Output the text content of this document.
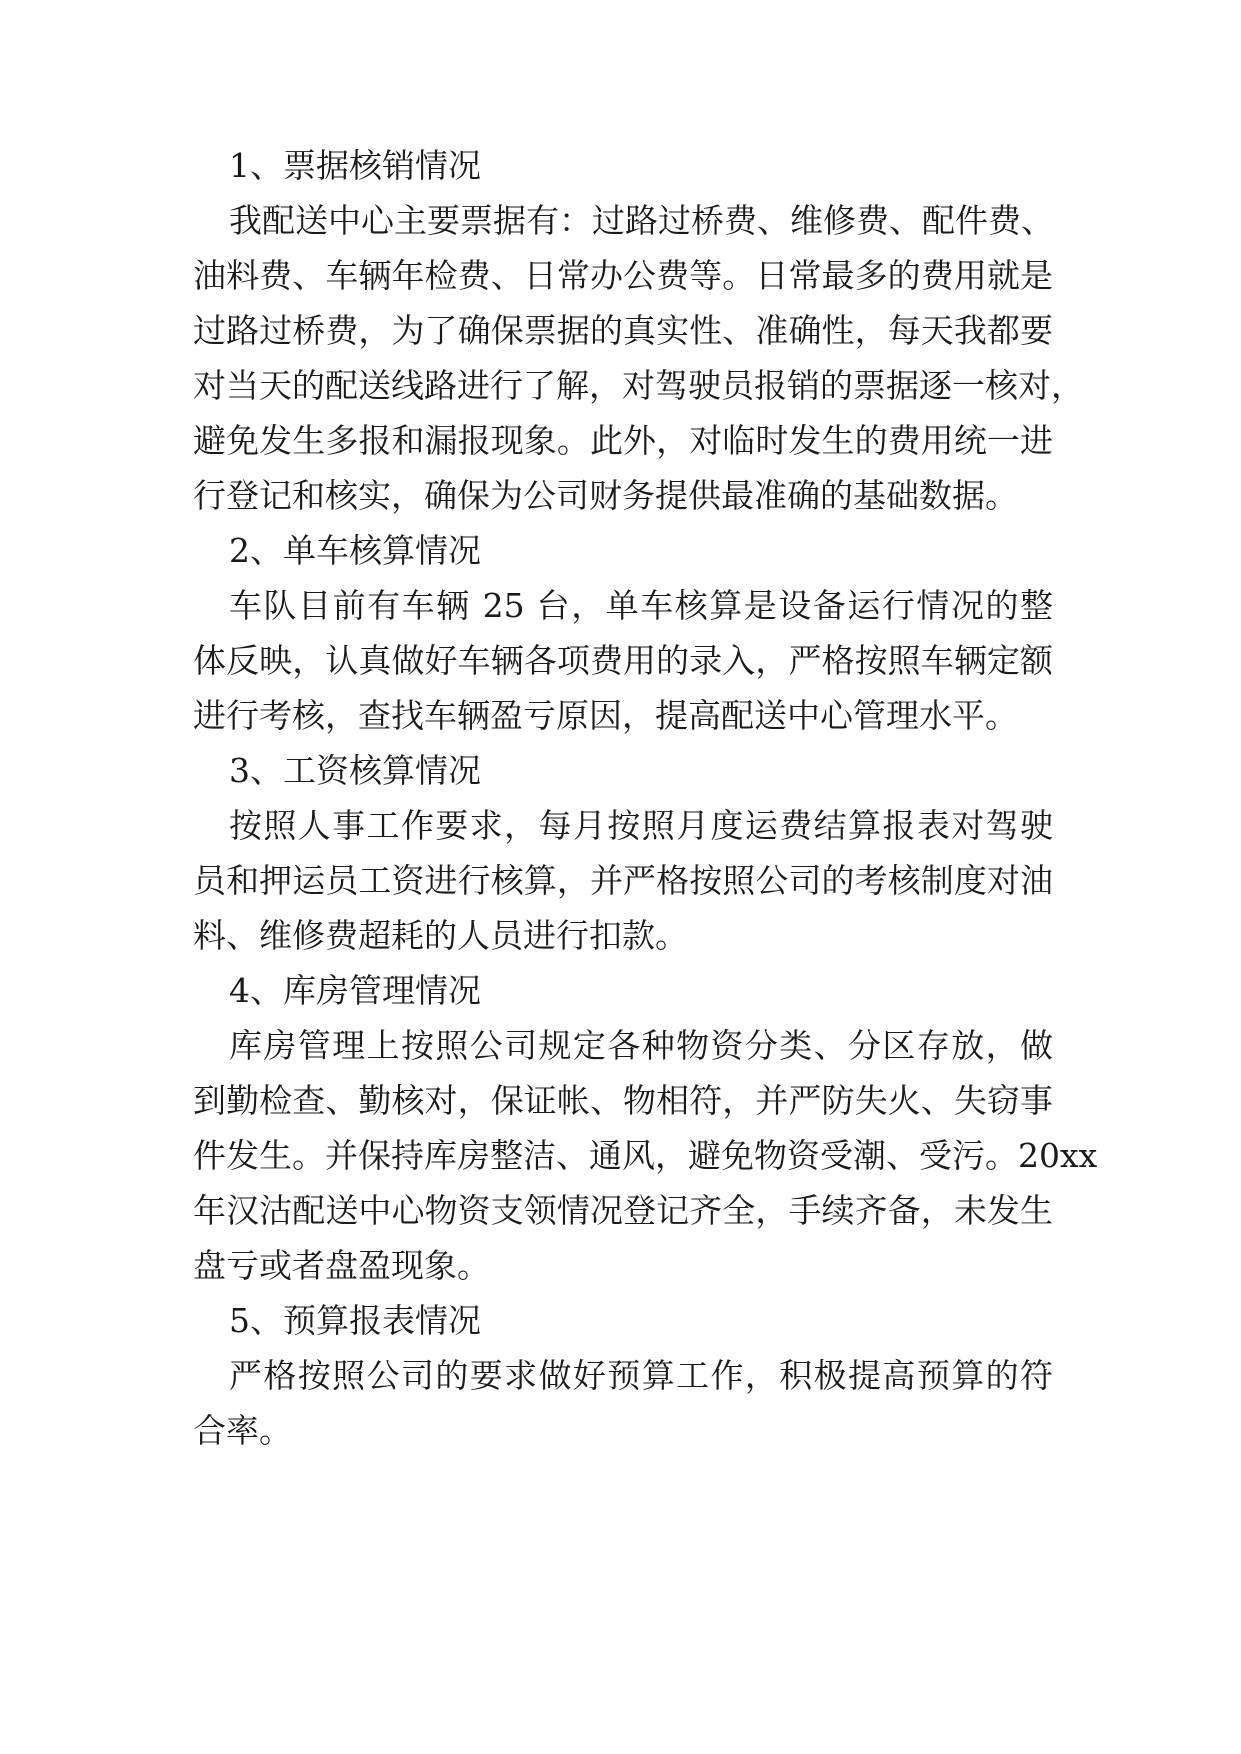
1、票据核销情况
我配送中心主要票据有：过路过桥费、维修费、配件费、
油料费、车辆年检费、日常办公费等。日常最多的费用就是
过路过桥费，为了确保票据的真实性、准确性，每天我都要
对当天的配送线路进行了解，对驾驶员报销的票据逐一核对，
避免发生多报和漏报现象。此外，对临时发生的费用统一进
行登记和核实，确保为公司财务提供最准确的基础数据。
2、单车核算情况
车队目前有车辆 25 台，单车核算是设备运行情况的整
体反映，认真做好车辆各项费用的录入，严格按照车辆定额
进行考核，查找车辆盈亏原因，提高配送中心管理水平。
3、工资核算情况
按照人事工作要求，每月按照月度运费结算报表对驾驶
员和押运员工资进行核算，并严格按照公司的考核制度对油
料、维修费超耗的人员进行扣款。
4、库房管理情况
库房管理上按照公司规定各种物资分类、分区存放，做
到勤检查、勤核对，保证帐、物相符，并严防失火、失窃事
件发生。并保持库房整洁、通风，避免物资受潮、受污。20xx
年汉沽配送中心物资支领情况登记齐全，手续齐备，未发生
盘亏或者盘盈现象。
5、预算报表情况
严格按照公司的要求做好预算工作，积极提高预算的符
合率。
